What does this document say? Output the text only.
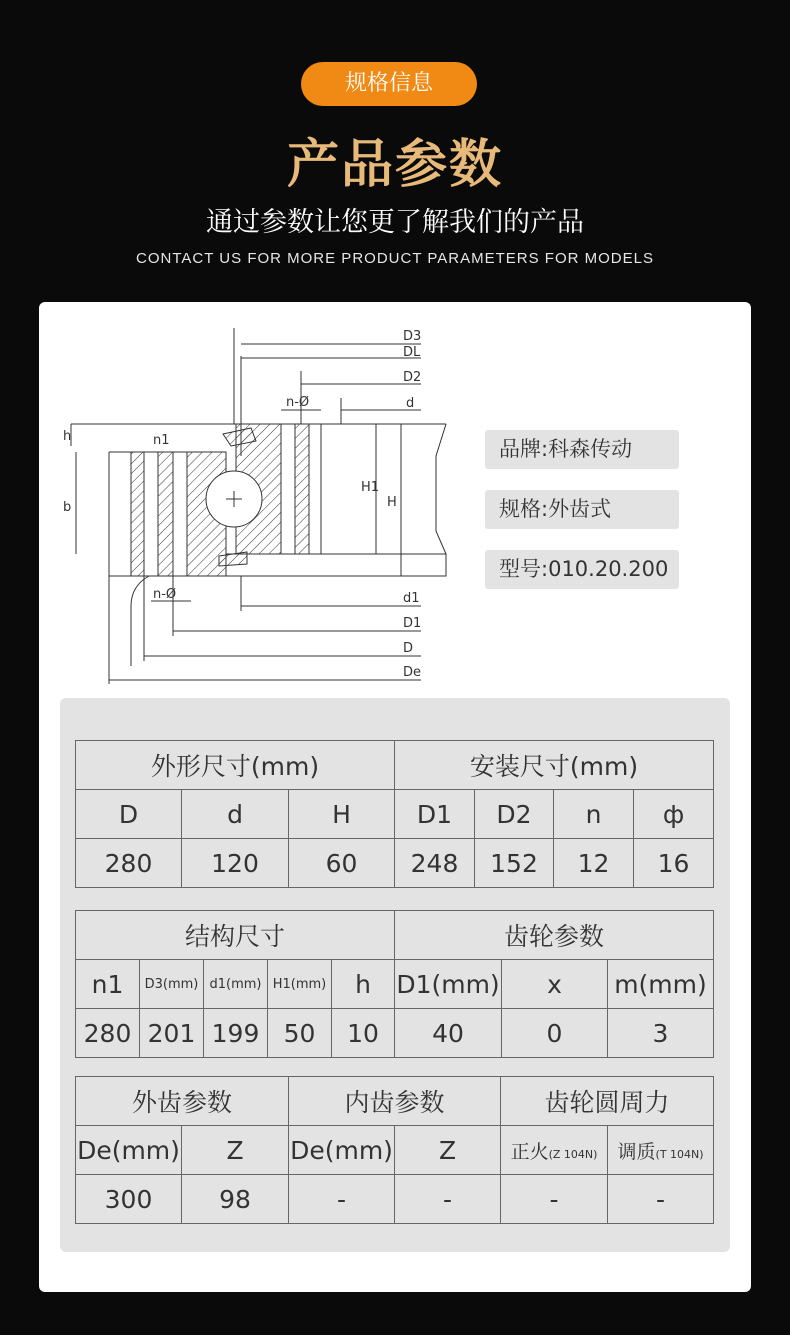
规格信息
产品参数
通过参数让您更了解我们的产品
CONTACT US FOR MORE PRODUCT PARAMETERS FOR MODELS
D3
DL
D2
n-Ø	d
n1
h
b
H1
H
n-Ø	d1
D1
D
De
品牌:科森传动
规格:外齿式
型号:010.20.200
外形尺寸(mm)			安装尺寸(mm)			
D	d	H	D1	D2	n	ф
280	120	60	248	152	12	16
结构尺寸					齿轮参数		
n1	D3(mm)	d1(mm)	H1(mm)	h	D1(mm)	x	m(mm)
280	201	199	50	10	40	0	3
外齿参数		内齿参数		齿轮圆周力	
De(mm)	Z	De(mm)	Z	正火(Z 104N)	调质(T 104N)
300	98	-	-	-	-
